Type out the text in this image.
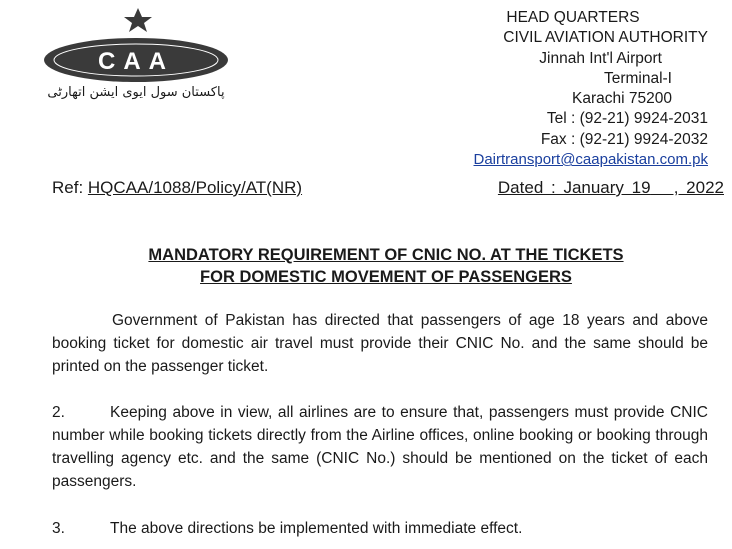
CAA
پاکستان سول ایوی ایشن اتھارٹی
HEAD QUARTERS
CIVIL AVIATION AUTHORITY
Jinnah Int'l Airport
Terminal-I
Karachi 75200
Tel : (92-21) 9924-2031
Fax : (92-21) 9924-2032
Dairtransport@caapakistan.com.pk
Ref: HQCAA/1088/Policy/AT(NR)	Dated : January 19   , 2022
MANDATORY REQUIREMENT OF CNIC NO. AT THE TICKETS
FOR DOMESTIC MOVEMENT OF PASSENGERS
Government of Pakistan has directed that passengers of age 18 years and above booking ticket for domestic air travel must provide their CNIC No. and the same should be printed on the passenger ticket.
2.	Keeping above in view, all airlines are to ensure that, passengers must provide CNIC number while booking tickets directly from the Airline offices, online booking or booking through travelling agency etc. and the same (CNIC No.) should be mentioned on the ticket of each passengers.
3.	The above directions be implemented with immediate effect.
